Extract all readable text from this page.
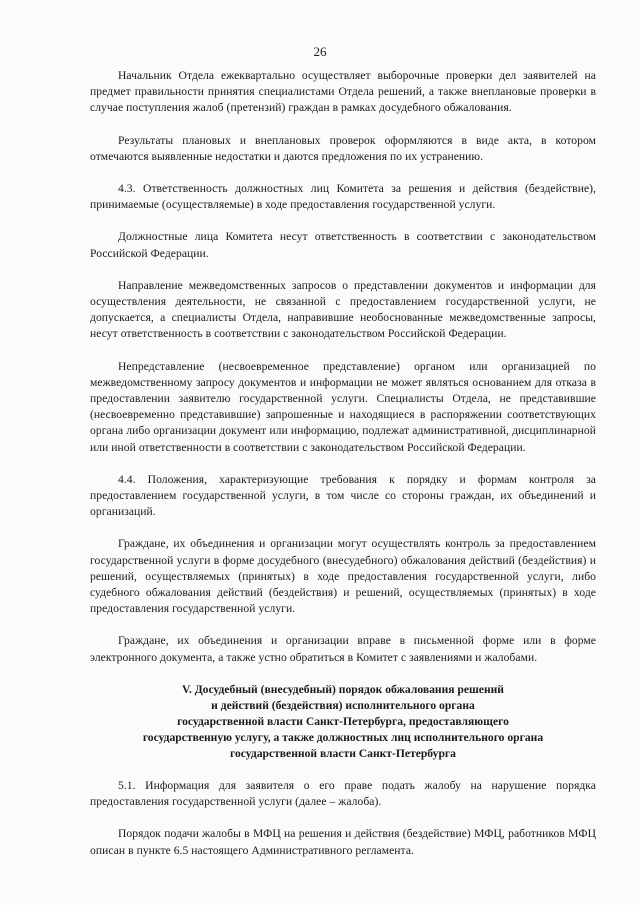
26

Начальник Отдела ежеквартально осуществляет выборочные проверки дел заявителей на предмет правильности принятия специалистами Отдела решений, а также внеплановые проверки в случае поступления жалоб (претензий) граждан в рамках досудебного обжалования.

Результаты плановых и внеплановых проверок оформляются в виде акта, в котором отмечаются выявленные недостатки и даются предложения по их устранению.

4.3. Ответственность должностных лиц Комитета за решения и действия (бездействие), принимаемые (осуществляемые) в ходе предоставления государственной услуги.

Должностные лица Комитета несут ответственность в соответствии с законодательством Российской Федерации.

Направление межведомственных запросов о представлении документов и информации для осуществления деятельности, не связанной с предоставлением государственной услуги, не допускается, а специалисты Отдела, направившие необоснованные межведомственные запросы, несут ответственность в соответствии с законодательством Российской Федерации.

Непредставление (несвоевременное представление) органом или организацией по межведомственному запросу документов и информации не может являться основанием для отказа в предоставлении заявителю государственной услуги. Специалисты Отдела, не представившие (несвоевременно представившие) запрошенные и находящиеся в распоряжении соответствующих органа либо организации документ или информацию, подлежат административной, дисциплинарной или иной ответственности в соответствии с законодательством Российской Федерации.

4.4. Положения, характеризующие требования к порядку и формам контроля за предоставлением государственной услуги, в том числе со стороны граждан, их объединений и организаций.

Граждане, их объединения и организации могут осуществлять контроль за предоставлением государственной услуги в форме досудебного (внесудебного) обжалования действий (бездействия) и решений, осуществляемых (принятых) в ходе предоставления государственной услуги, либо судебного обжалования действий (бездействия) и решений, осуществляемых (принятых) в ходе предоставления государственной услуги.

Граждане, их объединения и организации вправе в письменной форме или в форме электронного документа, а также устно обратиться в Комитет с заявлениями и жалобами.

V. Досудебный (внесудебный) порядок обжалования решений
и действий (бездействия) исполнительного органа
государственной власти Санкт-Петербурга, предоставляющего
государственную услугу, а также должностных лиц исполнительного органа
государственной власти Санкт-Петербурга

5.1. Информация для заявителя о его праве подать жалобу на нарушение порядка предоставления государственной услуги (далее – жалоба).

Порядок подачи жалобы в МФЦ на решения и действия (бездействие) МФЦ, работников МФЦ описан в пункте 6.5 настоящего Административного регламента.
